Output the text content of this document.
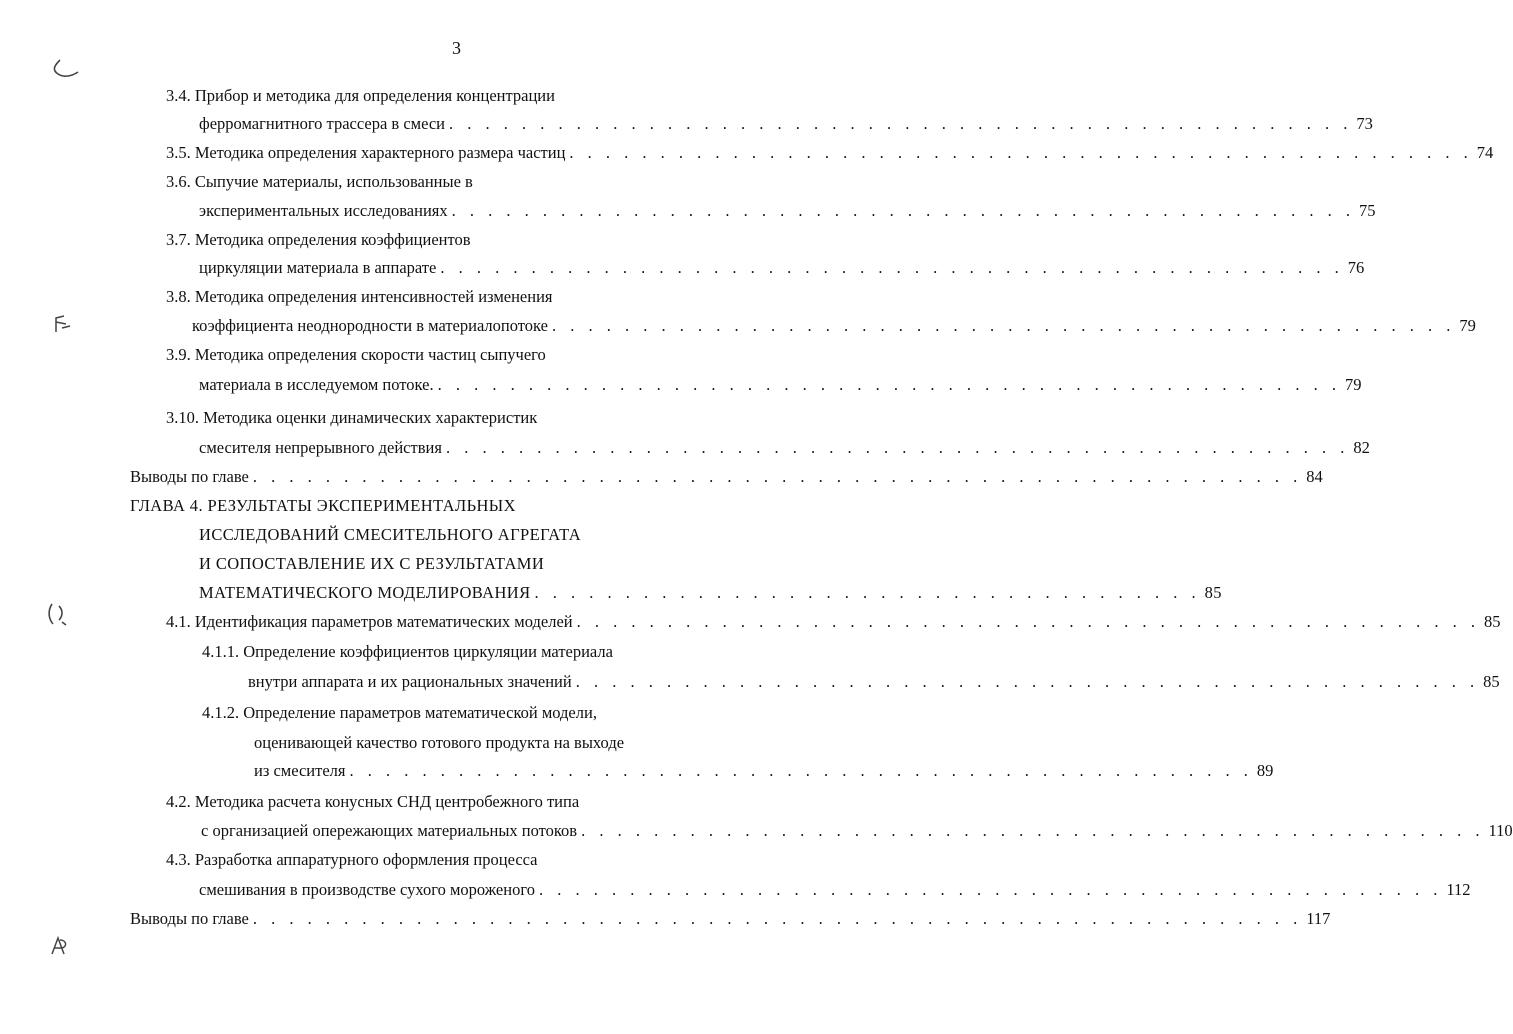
3
3.4. Прибор и методика для определения концентрации
ферромагнитного трассера в смеси . . . . . . . . . . . . . . . . . . . . . . . . . . . . . . . . . . . . . . . . . . . . . . . . . . 73
3.5. Методика определения характерного размера частиц . . . . . . . . . . . . . . . . . . . . . . . . . . . . . . . . . . . . . . . . . . . . . . . . . . 74
3.6. Сыпучие материалы, использованные в
экспериментальных исследованиях . . . . . . . . . . . . . . . . . . . . . . . . . . . . . . . . . . . . . . . . . . . . . . . . . . 75
3.7. Методика определения коэффициентов
циркуляции материала в аппарате . . . . . . . . . . . . . . . . . . . . . . . . . . . . . . . . . . . . . . . . . . . . . . . . . . 76
3.8. Методика определения интенсивностей изменения
коэффициента неоднородности в материалопотоке . . . . . . . . . . . . . . . . . . . . . . . . . . . . . . . . . . . . . . . . . . . . . . . . . . 79
3.9. Методика определения скорости частиц сыпучего
материала в исследуемом потоке. . . . . . . . . . . . . . . . . . . . . . . . . . . . . . . . . . . . . . . . . . . . . . . . . . . 79
3.10. Методика оценки динамических характеристик
смесителя непрерывного действия . . . . . . . . . . . . . . . . . . . . . . . . . . . . . . . . . . . . . . . . . . . . . . . . . . 82
Выводы по главе . . . . . . . . . . . . . . . . . . . . . . . . . . . . . . . . . . . . . . . . . . . . . . . . . . . . . . . . . . 84
ГЛАВА 4. РЕЗУЛЬТАТЫ ЭКСПЕРИМЕНТАЛЬНЫХ
ИССЛЕДОВАНИЙ СМЕСИТЕЛЬНОГО АГРЕГАТА
И СОПОСТАВЛЕНИЕ ИХ С РЕЗУЛЬТАТАМИ
МАТЕМАТИЧЕСКОГО МОДЕЛИРОВАНИЯ . . . . . . . . . . . . . . . . . . . . . . . . . . . . . . . . . . . . . 85
4.1. Идентификация параметров математических моделей . . . . . . . . . . . . . . . . . . . . . . . . . . . . . . . . . . . . . . . . . . . . . . . . . . 85
4.1.1. Определение коэффициентов циркуляции материала
внутри аппарата и их рациональных значений . . . . . . . . . . . . . . . . . . . . . . . . . . . . . . . . . . . . . . . . . . . . . . . . . . 85
4.1.2. Определение параметров математической модели,
оценивающей качество готового продукта на выходе
из смесителя . . . . . . . . . . . . . . . . . . . . . . . . . . . . . . . . . . . . . . . . . . . . . . . . . . 89
4.2. Методика расчета конусных СНД центробежного типа
с организацией опережающих материальных потоков . . . . . . . . . . . . . . . . . . . . . . . . . . . . . . . . . . . . . . . . . . . . . . . . . . 110
4.3. Разработка аппаратурного оформления процесса
смешивания в производстве сухого мороженого . . . . . . . . . . . . . . . . . . . . . . . . . . . . . . . . . . . . . . . . . . . . . . . . . . 112
Выводы по главе . . . . . . . . . . . . . . . . . . . . . . . . . . . . . . . . . . . . . . . . . . . . . . . . . . . . . . . . . . 117
